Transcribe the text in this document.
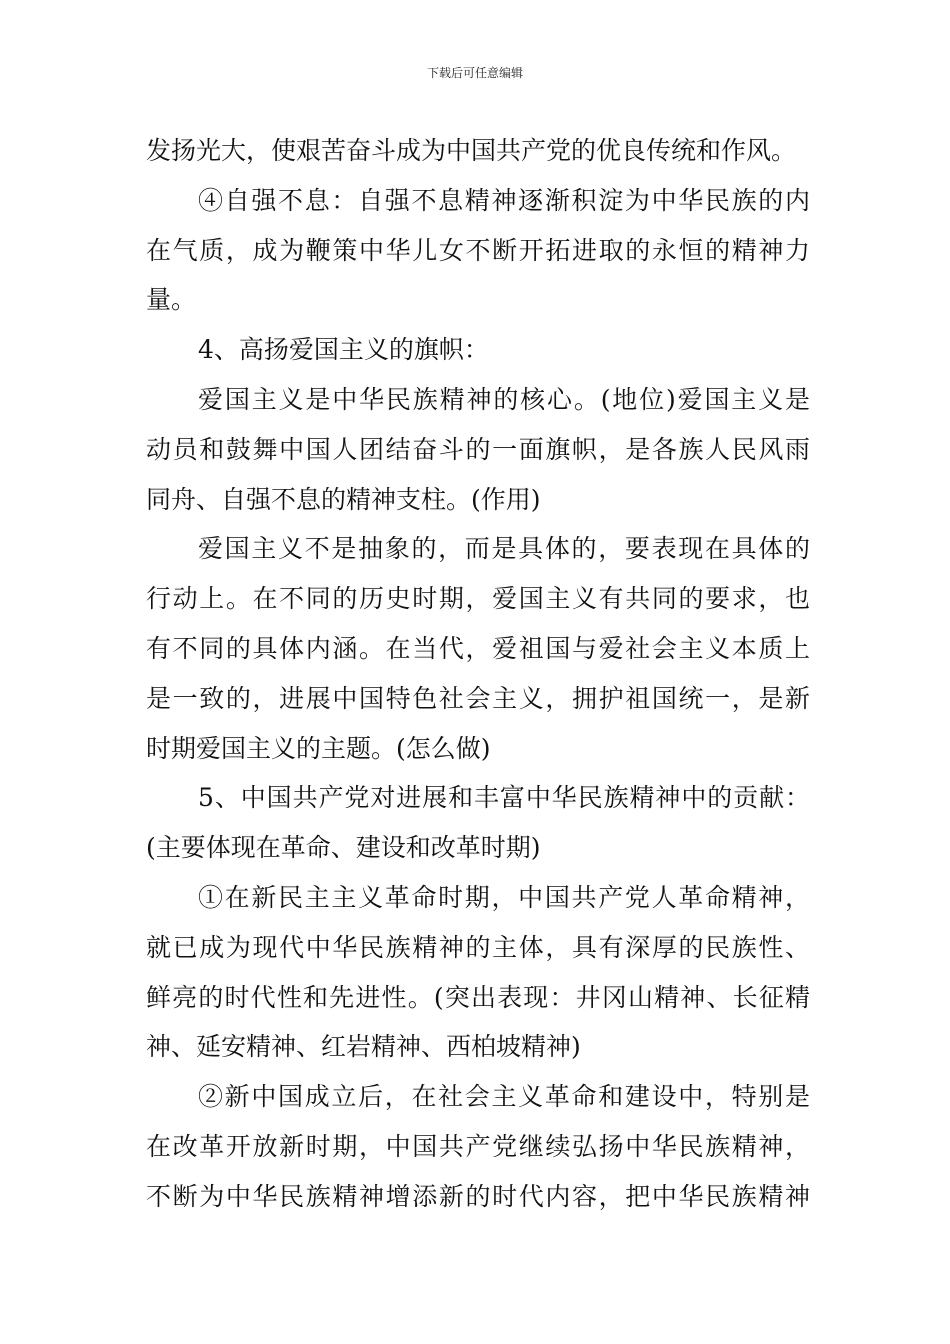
下载后可任意编辑
发扬光大，使艰苦奋斗成为中国共产党的优良传统和作风。
④自强不息：自强不息精神逐渐积淀为中华民族的内
在气质，成为鞭策中华儿女不断开拓进取的永恒的精神力
量。
4、高扬爱国主义的旗帜：
爱国主义是中华民族精神的核心。(地位)爱国主义是
动员和鼓舞中国人团结奋斗的一面旗帜，是各族人民风雨
同舟、自强不息的精神支柱。(作用)
爱国主义不是抽象的，而是具体的，要表现在具体的
行动上。在不同的历史时期，爱国主义有共同的要求，也
有不同的具体内涵。在当代，爱祖国与爱社会主义本质上
是一致的，进展中国特色社会主义，拥护祖国统一，是新
时期爱国主义的主题。(怎么做)
5、中国共产党对进展和丰富中华民族精神中的贡献：
(主要体现在革命、建设和改革时期)
①在新民主主义革命时期，中国共产党人革命精神，
就已成为现代中华民族精神的主体，具有深厚的民族性、
鲜亮的时代性和先进性。(突出表现：井冈山精神、长征精
神、延安精神、红岩精神、西柏坡精神)
②新中国成立后，在社会主义革命和建设中，特别是
在改革开放新时期，中国共产党继续弘扬中华民族精神，
不断为中华民族精神增添新的时代内容，把中华民族精神
